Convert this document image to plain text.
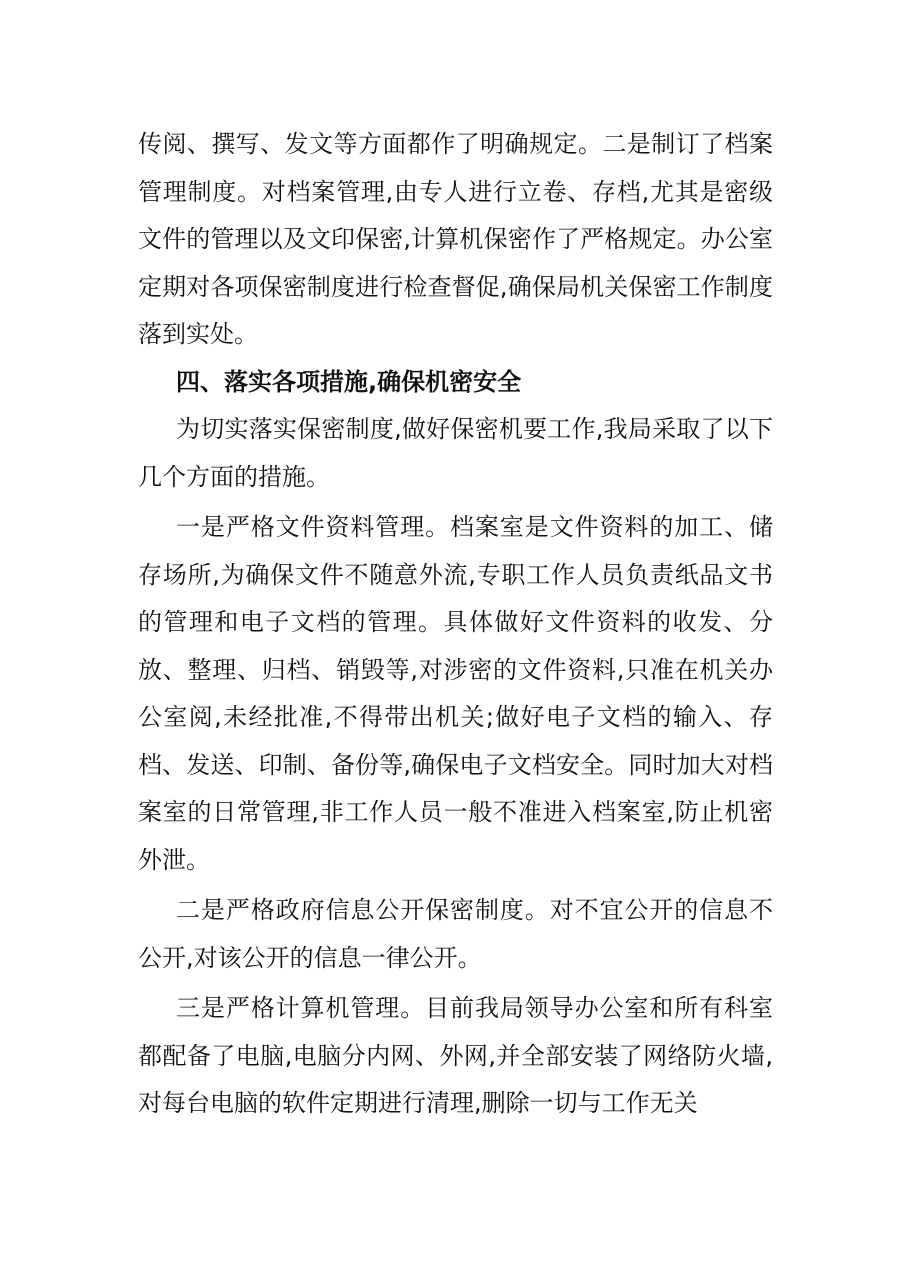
传阅、撰写、发文等方面都作了明确规定。二是制订了档案管理制度。对档案管理,由专人进行立卷、存档,尤其是密级文件的管理以及文印保密,计算机保密作了严格规定。办公室定期对各项保密制度进行检查督促,确保局机关保密工作制度落到实处。

四、落实各项措施,确保机密安全

为切实落实保密制度,做好保密机要工作,我局采取了以下几个方面的措施。

一是严格文件资料管理。档案室是文件资料的加工、储存场所,为确保文件不随意外流,专职工作人员负责纸品文书的管理和电子文档的管理。具体做好文件资料的收发、分放、整理、归档、销毁等,对涉密的文件资料,只准在机关办公室阅,未经批准,不得带出机关;做好电子文档的输入、存档、发送、印制、备份等,确保电子文档安全。同时加大对档案室的日常管理,非工作人员一般不准进入档案室,防止机密外泄。

二是严格政府信息公开保密制度。对不宜公开的信息不公开,对该公开的信息一律公开。

三是严格计算机管理。目前我局领导办公室和所有科室都配备了电脑,电脑分内网、外网,并全部安装了网络防火墙,对每台电脑的软件定期进行清理,删除一切与工作无关
